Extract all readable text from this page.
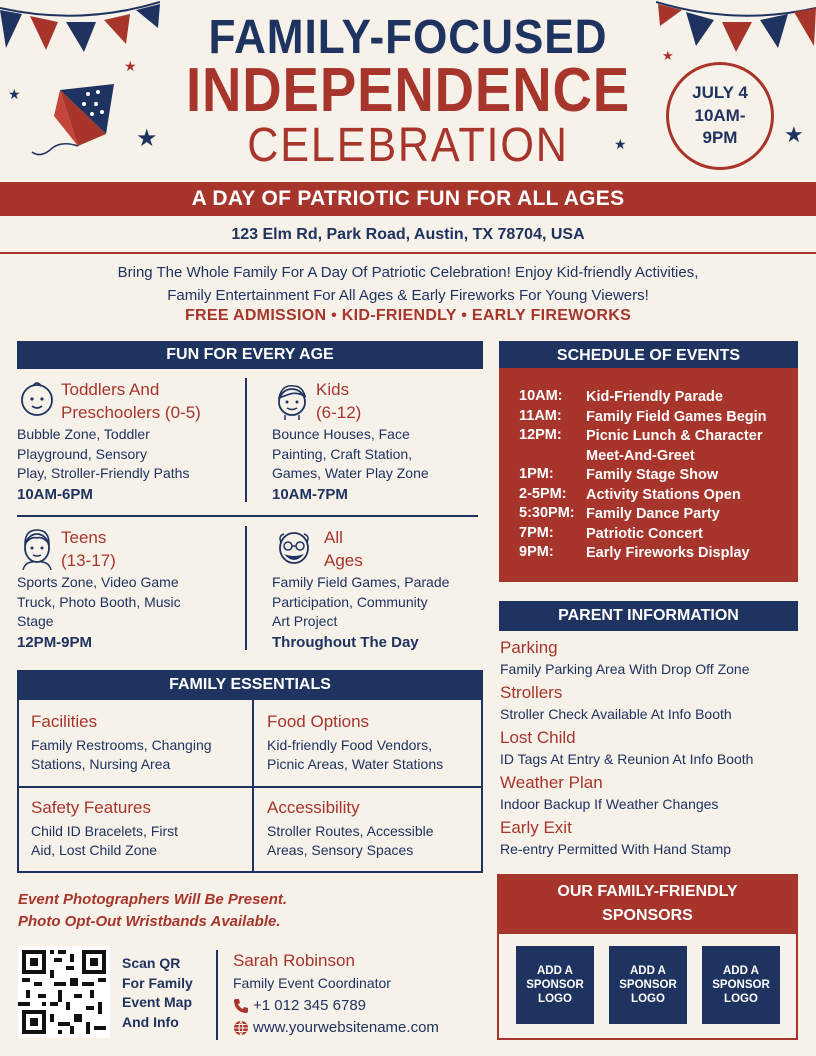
★
★
★
★
★	★
FAMILY-FOCUSED
INDEPENDENCE
CELEBRATION
JULY 4
10AM-
9PM
A DAY OF PATRIOTIC FUN FOR ALL AGES
123 Elm Rd, Park Road, Austin, TX 78704, USA
Bring The Whole Family For A Day Of Patriotic Celebration! Enjoy Kid-friendly Activities,
Family Entertainment For All Ages & Early Fireworks For Young Viewers!
FREE ADMISSION • KID-FRIENDLY • EARLY FIREWORKS
FUN FOR EVERY AGE
Toddlers And
Preschoolers (0-5)
Bubble Zone, Toddler
Playground, Sensory
Play, Stroller-Friendly Paths
10AM-6PM
Kids
(6-12)
Bounce Houses, Face
Painting, Craft Station,
Games, Water Play Zone
10AM-7PM
Teens
(13-17)
Sports Zone, Video Game
Truck, Photo Booth, Music
Stage
12PM-9PM
All
Ages
Family Field Games, Parade
Participation, Community
Art Project
Throughout The Day
SCHEDULE OF EVENTS
10AM:	Kid-Friendly Parade
11AM:	Family Field Games Begin
12PM:	Picnic Lunch & Character Meet-And-Greet
1PM:	Family Stage Show
2-5PM:	Activity Stations Open
5:30PM: Family Dance Party
7PM:	Patriotic Concert
9PM:	Early Fireworks Display
PARENT INFORMATION
Parking
Family Parking Area With Drop Off Zone
Strollers
Stroller Check Available At Info Booth
Lost Child
ID Tags At Entry & Reunion At Info Booth
Weather Plan
Indoor Backup If Weather Changes
Early Exit
Re-entry Permitted With Hand Stamp
FAMILY ESSENTIALS
Facilities
Family Restrooms, Changing
Stations, Nursing Area
Food Options
Kid-friendly Food Vendors,
Picnic Areas, Water Stations
Safety Features
Child ID Bracelets, First
Aid, Lost Child Zone
Accessibility
Stroller Routes, Accessible
Areas, Sensory Spaces
Event Photographers Will Be Present.
Photo Opt-Out Wristbands Available.
Scan QR
For Family
Event Map
And Info
Sarah Robinson
Family Event Coordinator
+1 012 345 6789
www.yourwebsitename.com
OUR FAMILY-FRIENDLY
SPONSORS
ADD A
SPONSOR
LOGO
ADD A
SPONSOR
LOGO
ADD A
SPONSOR
LOGO
